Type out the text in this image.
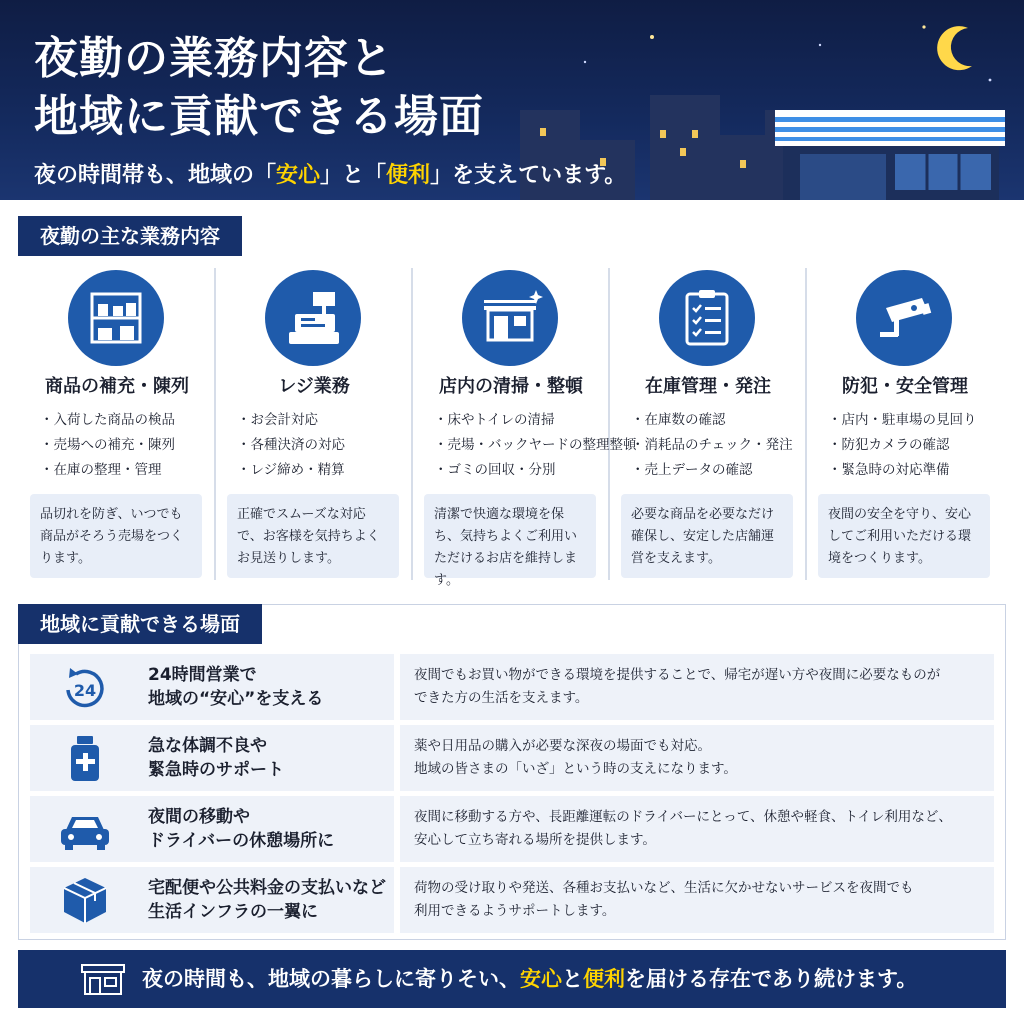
夜勤の業務内容と
地域に貢献できる場面
夜の時間帯も、地域の「安心」と「便利」を支えています。
夜勤の主な業務内容
商品の補充・陳列
・入荷した商品の検品
・売場への補充・陳列
・在庫の整理・管理
品切れを防ぎ、いつでも商品がそろう売場をつくります。
レジ業務
・お会計対応
・各種決済の対応
・レジ締め・精算
正確でスムーズな対応で、お客様を気持ちよくお見送りします。
店内の清掃・整頓
・床やトイレの清掃
・売場・バックヤードの整理整頓
・ゴミの回収・分別
清潔で快適な環境を保ち、気持ちよくご利用いただけるお店を維持します。
在庫管理・発注
・在庫数の確認
・消耗品のチェック・発注
・売上データの確認
必要な商品を必要なだけ確保し、安定した店舗運営を支えます。
防犯・安全管理
・店内・駐車場の見回り
・防犯カメラの確認
・緊急時の対応準備
夜間の安全を守り、安心してご利用いただける環境をつくります。
地域に貢献できる場面
24
24時間営業で
地域の“安心”を支える
夜間でもお買い物ができる環境を提供することで、帰宅が遅い方や夜間に必要なものが
できた方の生活を支えます。
急な体調不良や
緊急時のサポート
薬や日用品の購入が必要な深夜の場面でも対応。
地域の皆さまの「いざ」という時の支えになります。
夜間の移動や
ドライバーの休憩場所に
夜間に移動する方や、長距離運転のドライバーにとって、休憩や軽食、トイレ利用など、
安心して立ち寄れる場所を提供します。
宅配便や公共料金の支払いなど
生活インフラの一翼に
荷物の受け取りや発送、各種お支払いなど、生活に欠かせないサービスを夜間でも
利用できるようサポートします。
夜の時間も、地域の暮らしに寄りそい、安心と便利を届ける存在であり続けます。
